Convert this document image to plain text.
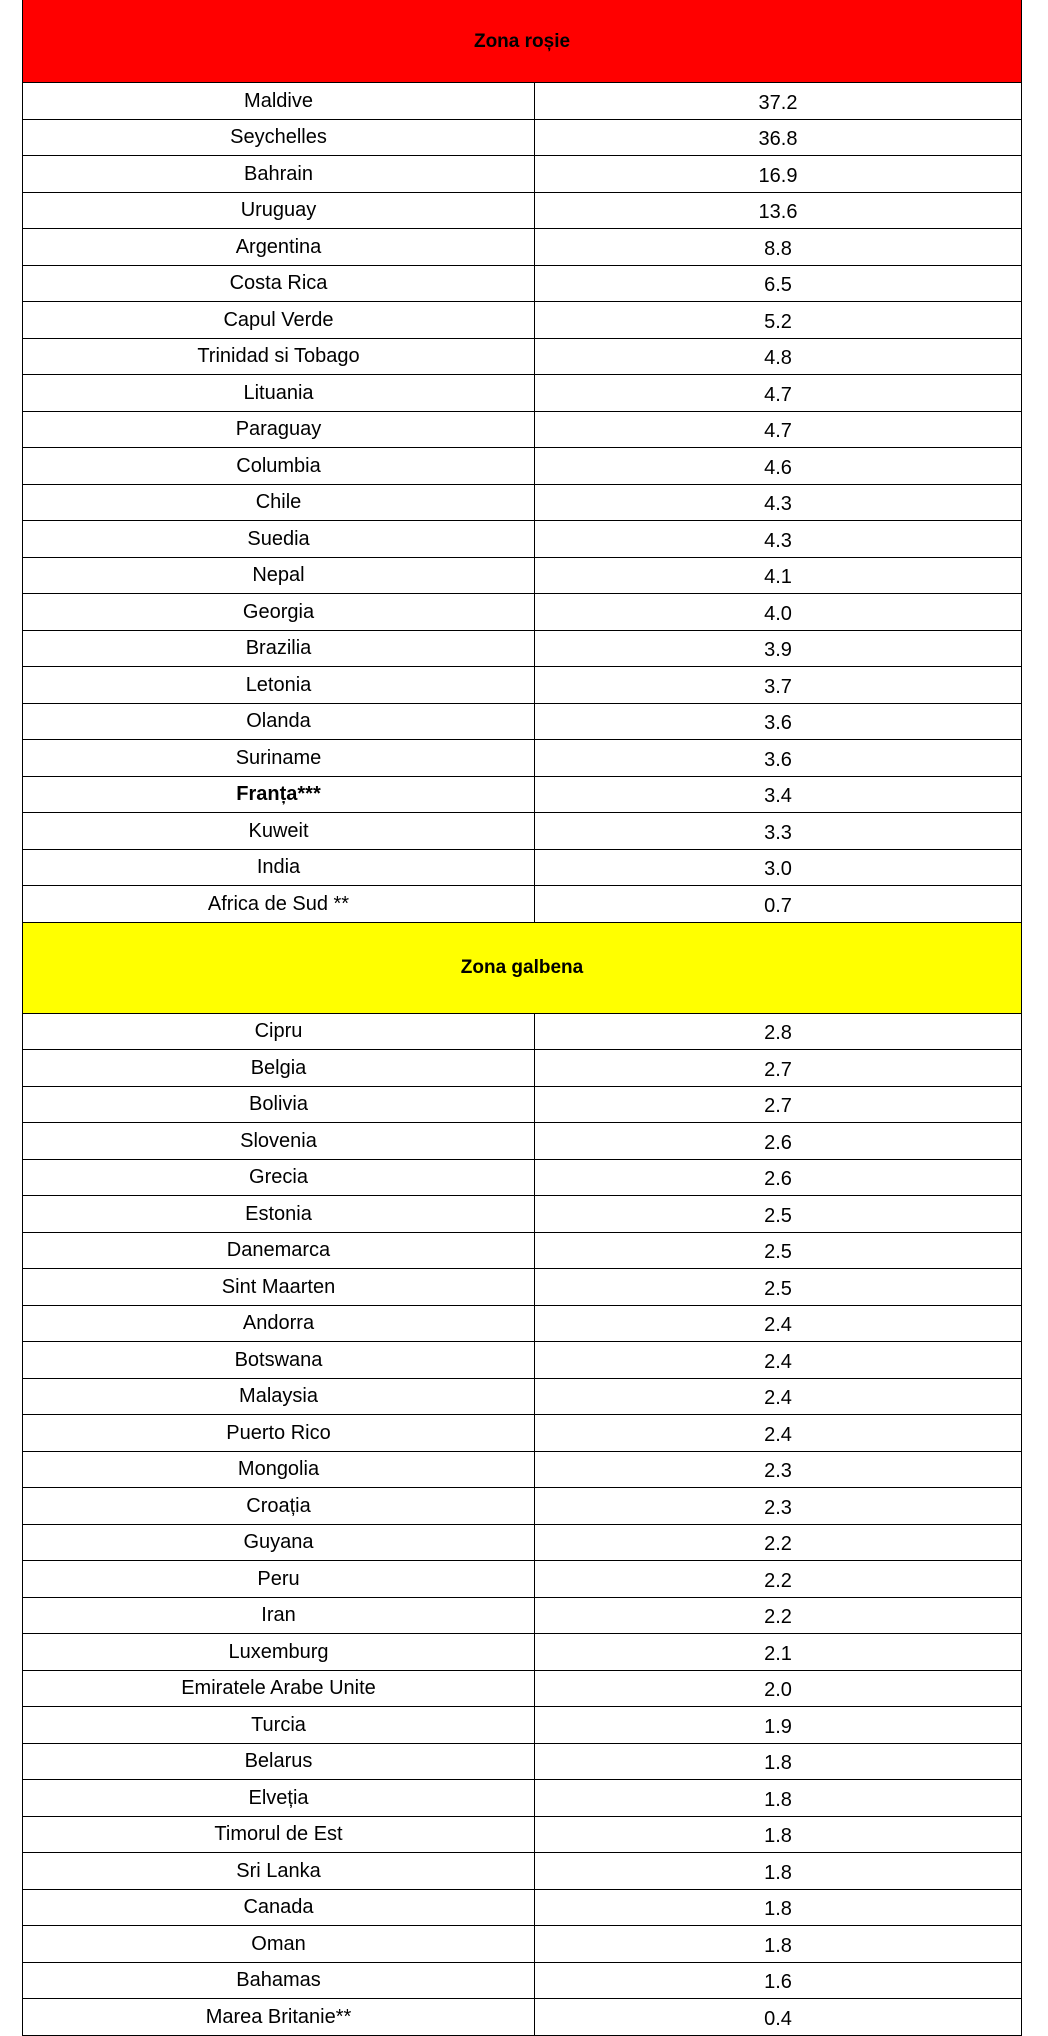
Zona roșie	
Maldive	37.2
Seychelles	36.8
Bahrain	16.9
Uruguay	13.6
Argentina	8.8
Costa Rica	6.5
Capul Verde	5.2
Trinidad si Tobago	4.8
Lituania	4.7
Paraguay	4.7
Columbia	4.6
Chile	4.3
Suedia	4.3
Nepal	4.1
Georgia	4.0
Brazilia	3.9
Letonia	3.7
Olanda	3.6
Suriname	3.6
Franța***	3.4
Kuweit	3.3
India	3.0
Africa de Sud **	0.7
Zona galbena	
Cipru	2.8
Belgia	2.7
Bolivia	2.7
Slovenia	2.6
Grecia	2.6
Estonia	2.5
Danemarca	2.5
Sint Maarten	2.5
Andorra	2.4
Botswana	2.4
Malaysia	2.4
Puerto Rico	2.4
Mongolia	2.3
Croația	2.3
Guyana	2.2
Peru	2.2
Iran	2.2
Luxemburg	2.1
Emiratele Arabe Unite	2.0
Turcia	1.9
Belarus	1.8
Elveția	1.8
Timorul de Est	1.8
Sri Lanka	1.8
Canada	1.8
Oman	1.8
Bahamas	1.6
Marea Britanie**	0.4
